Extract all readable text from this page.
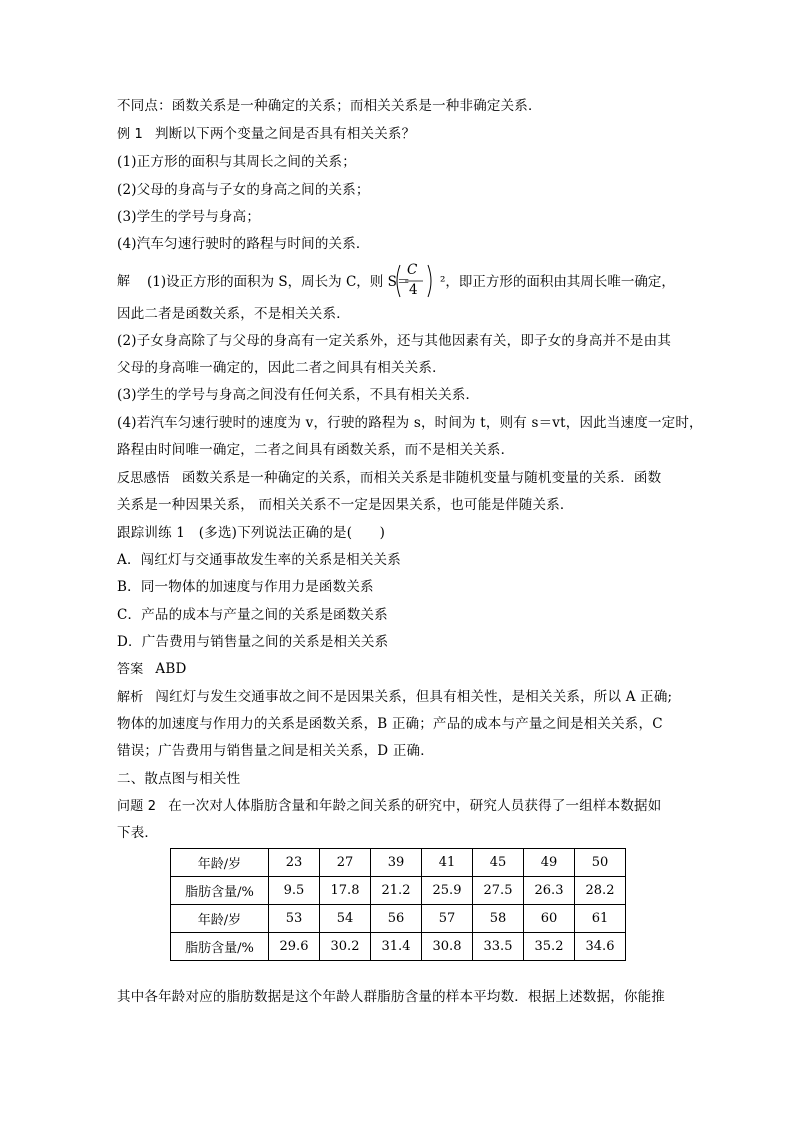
不同点：函数关系是一种确定的关系；而相关关系是一种非确定关系．
例 1 判断以下两个变量之间是否具有相关关系？
(1)正方形的面积与其周长之间的关系；
(2)父母的身高与子女的身高之间的关系；
(3)学生的学号与身高；
(4)汽车匀速行驶时的路程与时间的关系．
解 (1)设正方形的面积为 S，周长为 C，则 S＝
C
4 ²，即正方形的面积由其周长唯一确定，
因此二者是函数关系，不是相关关系．
(2)子女身高除了与父母的身高有一定关系外，还与其他因素有关，即子女的身高并不是由其
父母的身高唯一确定的，因此二者之间具有相关关系．
(3)学生的学号与身高之间没有任何关系，不具有相关关系．
(4)若汽车匀速行驶时的速度为 v，行驶的路程为 s，时间为 t，则有 s＝vt，因此当速度一定时，
路程由时间唯一确定，二者之间具有函数关系，而不是相关关系．
反思感悟 函数关系是一种确定的关系，而相关关系是非随机变量与随机变量的关系．函数
关系是一种因果关系， 而相关关系不一定是因果关系，也可能是伴随关系．
跟踪训练 1　(多选)下列说法正确的是(　　)
A．闯红灯与交通事故发生率的关系是相关关系
B．同一物体的加速度与作用力是函数关系
C．产品的成本与产量之间的关系是函数关系
D．广告费用与销售量之间的关系是相关关系
答案 ABD
解析 闯红灯与发生交通事故之间不是因果关系，但具有相关性，是相关关系，所以 A 正确;
物体的加速度与作用力的关系是函数关系，B 正确；产品的成本与产量之间是相关关系，C
错误；广告费用与销售量之间是相关关系，D 正确．
二、散点图与相关性
问题 2 在一次对人体脂肪含量和年龄之间关系的研究中，研究人员获得了一组样本数据如
下表．
年龄/岁	23	27	39	41	45	49	50
脂肪含量/%	9.5	17.8	21.2	25.9	27.5	26.3	28.2
年龄/岁	53	54	56	57	58	60	61
脂肪含量/%	29.6	30.2	31.4	30.8	33.5	35.2	34.6
其中各年龄对应的脂肪数据是这个年龄人群脂肪含量的样本平均数．根据上述数据，你能推
